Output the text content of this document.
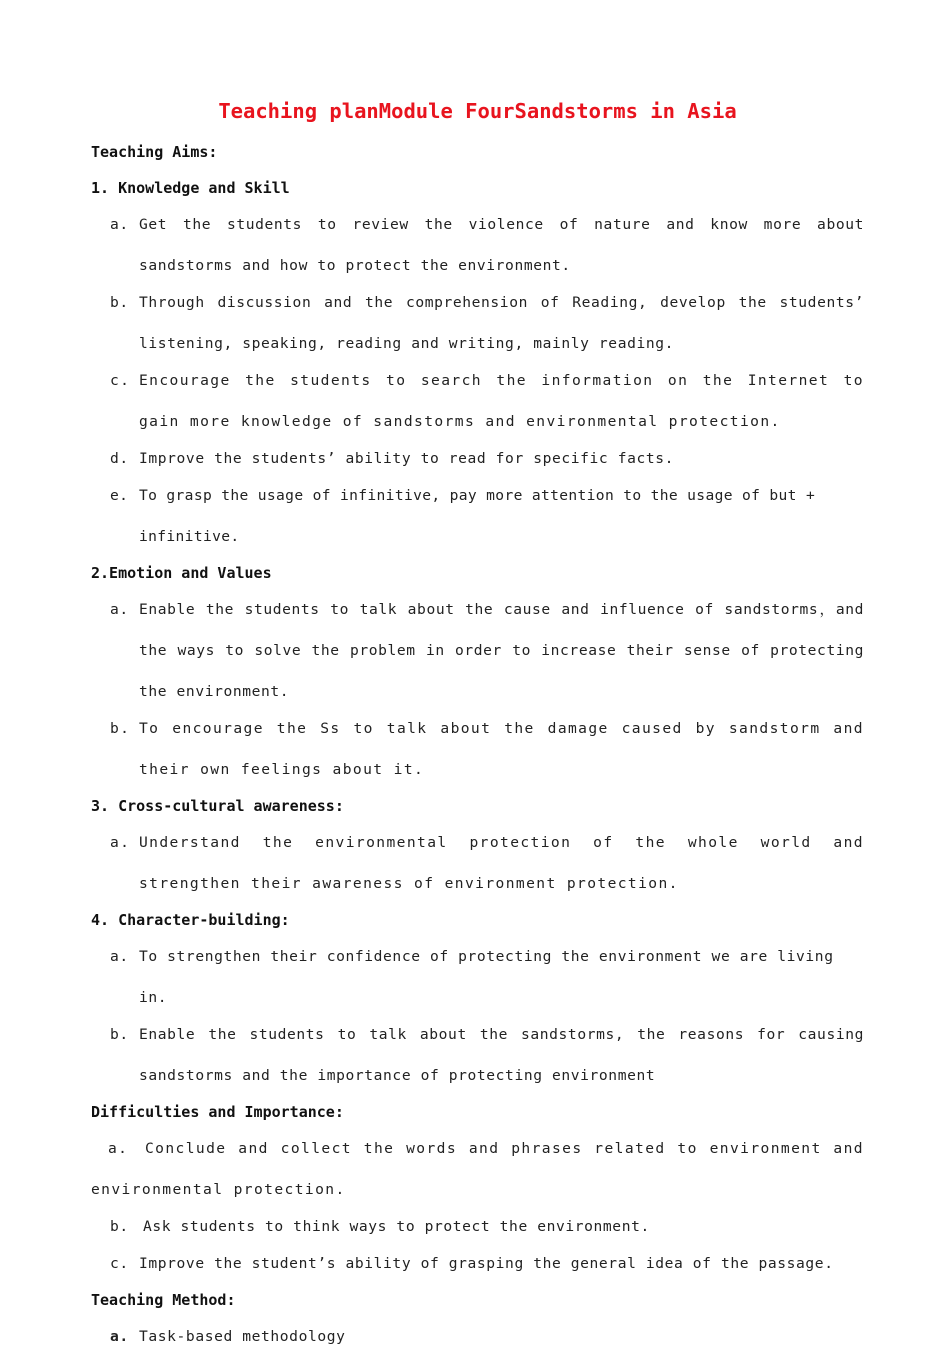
Teaching planModule FourSandstorms in Asia
Teaching Aims:
1. Knowledge and Skill
a. Get the students to review the violence of nature and know more about sandstorms and how to protect the environment.
b. Through discussion and the comprehension of Reading, develop the students’ listening, speaking, reading and writing, mainly reading.
c. Encourage the students to search the information on the Internet to gain more knowledge of sandstorms and environmental protection.
d. Improve the students’ ability to read for specific facts.
e. To grasp the usage of infinitive, pay more attention to the usage of but + infinitive.
2.Emotion and Values
a. Enable the students to talk about the cause and influence of sandstorms，and the ways to solve the problem in order to increase their sense of protecting the environment.
b. To encourage the Ss to talk about the damage caused by sandstorm and their own feelings about it.
3. Cross-cultural awareness:
a. Understand the environmental protection of the whole world and strengthen their awareness of environment protection.
4. Character-building:
a. To strengthen their confidence of protecting the environment we are living in.
b. Enable the students to talk about the sandstorms, the reasons for causing sandstorms and the importance of protecting environment
Difficulties and Importance:
a. Conclude and collect the words and phrases related to environment and environmental protection.
b. Ask students to think ways to protect the environment.
c. Improve the student’s ability of grasping the general idea of the passage.
Teaching Method:
a. Task-based methodology
